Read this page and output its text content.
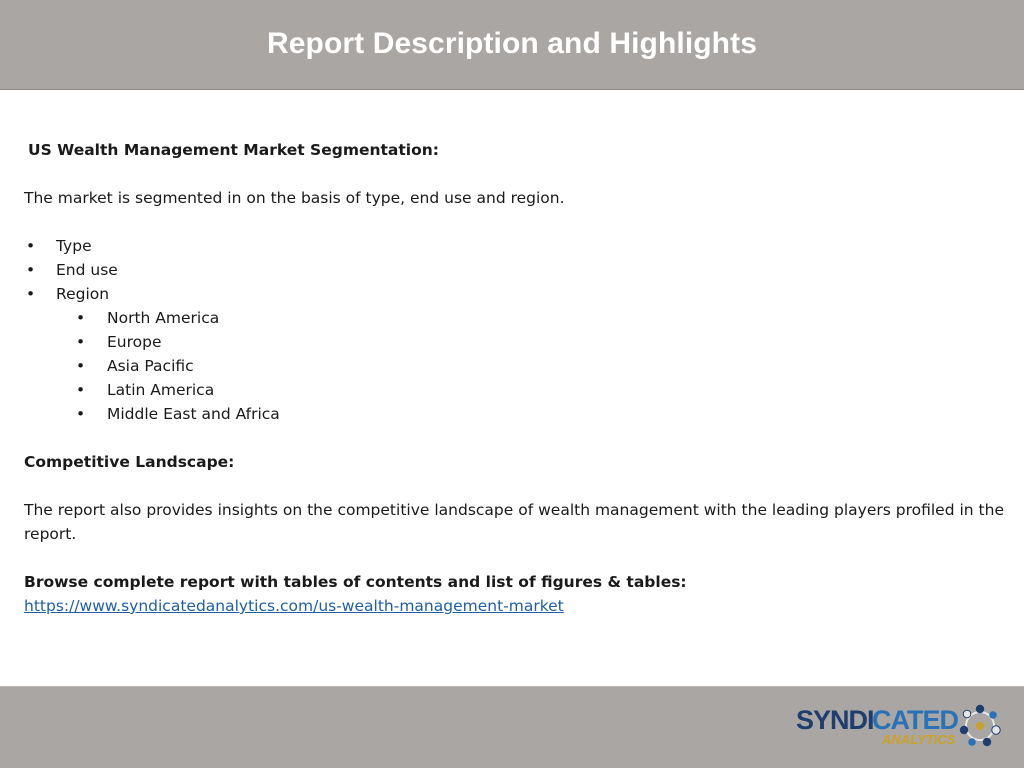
Report Description and Highlights

US Wealth Management Market Segmentation:

The market is segmented in on the basis of type, end use and region.

• Type
• End use
• Region
• North America
• Europe
• Asia Pacific
• Latin America
• Middle East and Africa

Competitive Landscape:

The report also provides insights on the competitive landscape of wealth management with the leading players profiled in the report.

Browse complete report with tables of contents and list of figures & tables:

https://www.syndicatedanalytics.com/us-wealth-management-market

SYNDI
CATED
ANALYTICS
